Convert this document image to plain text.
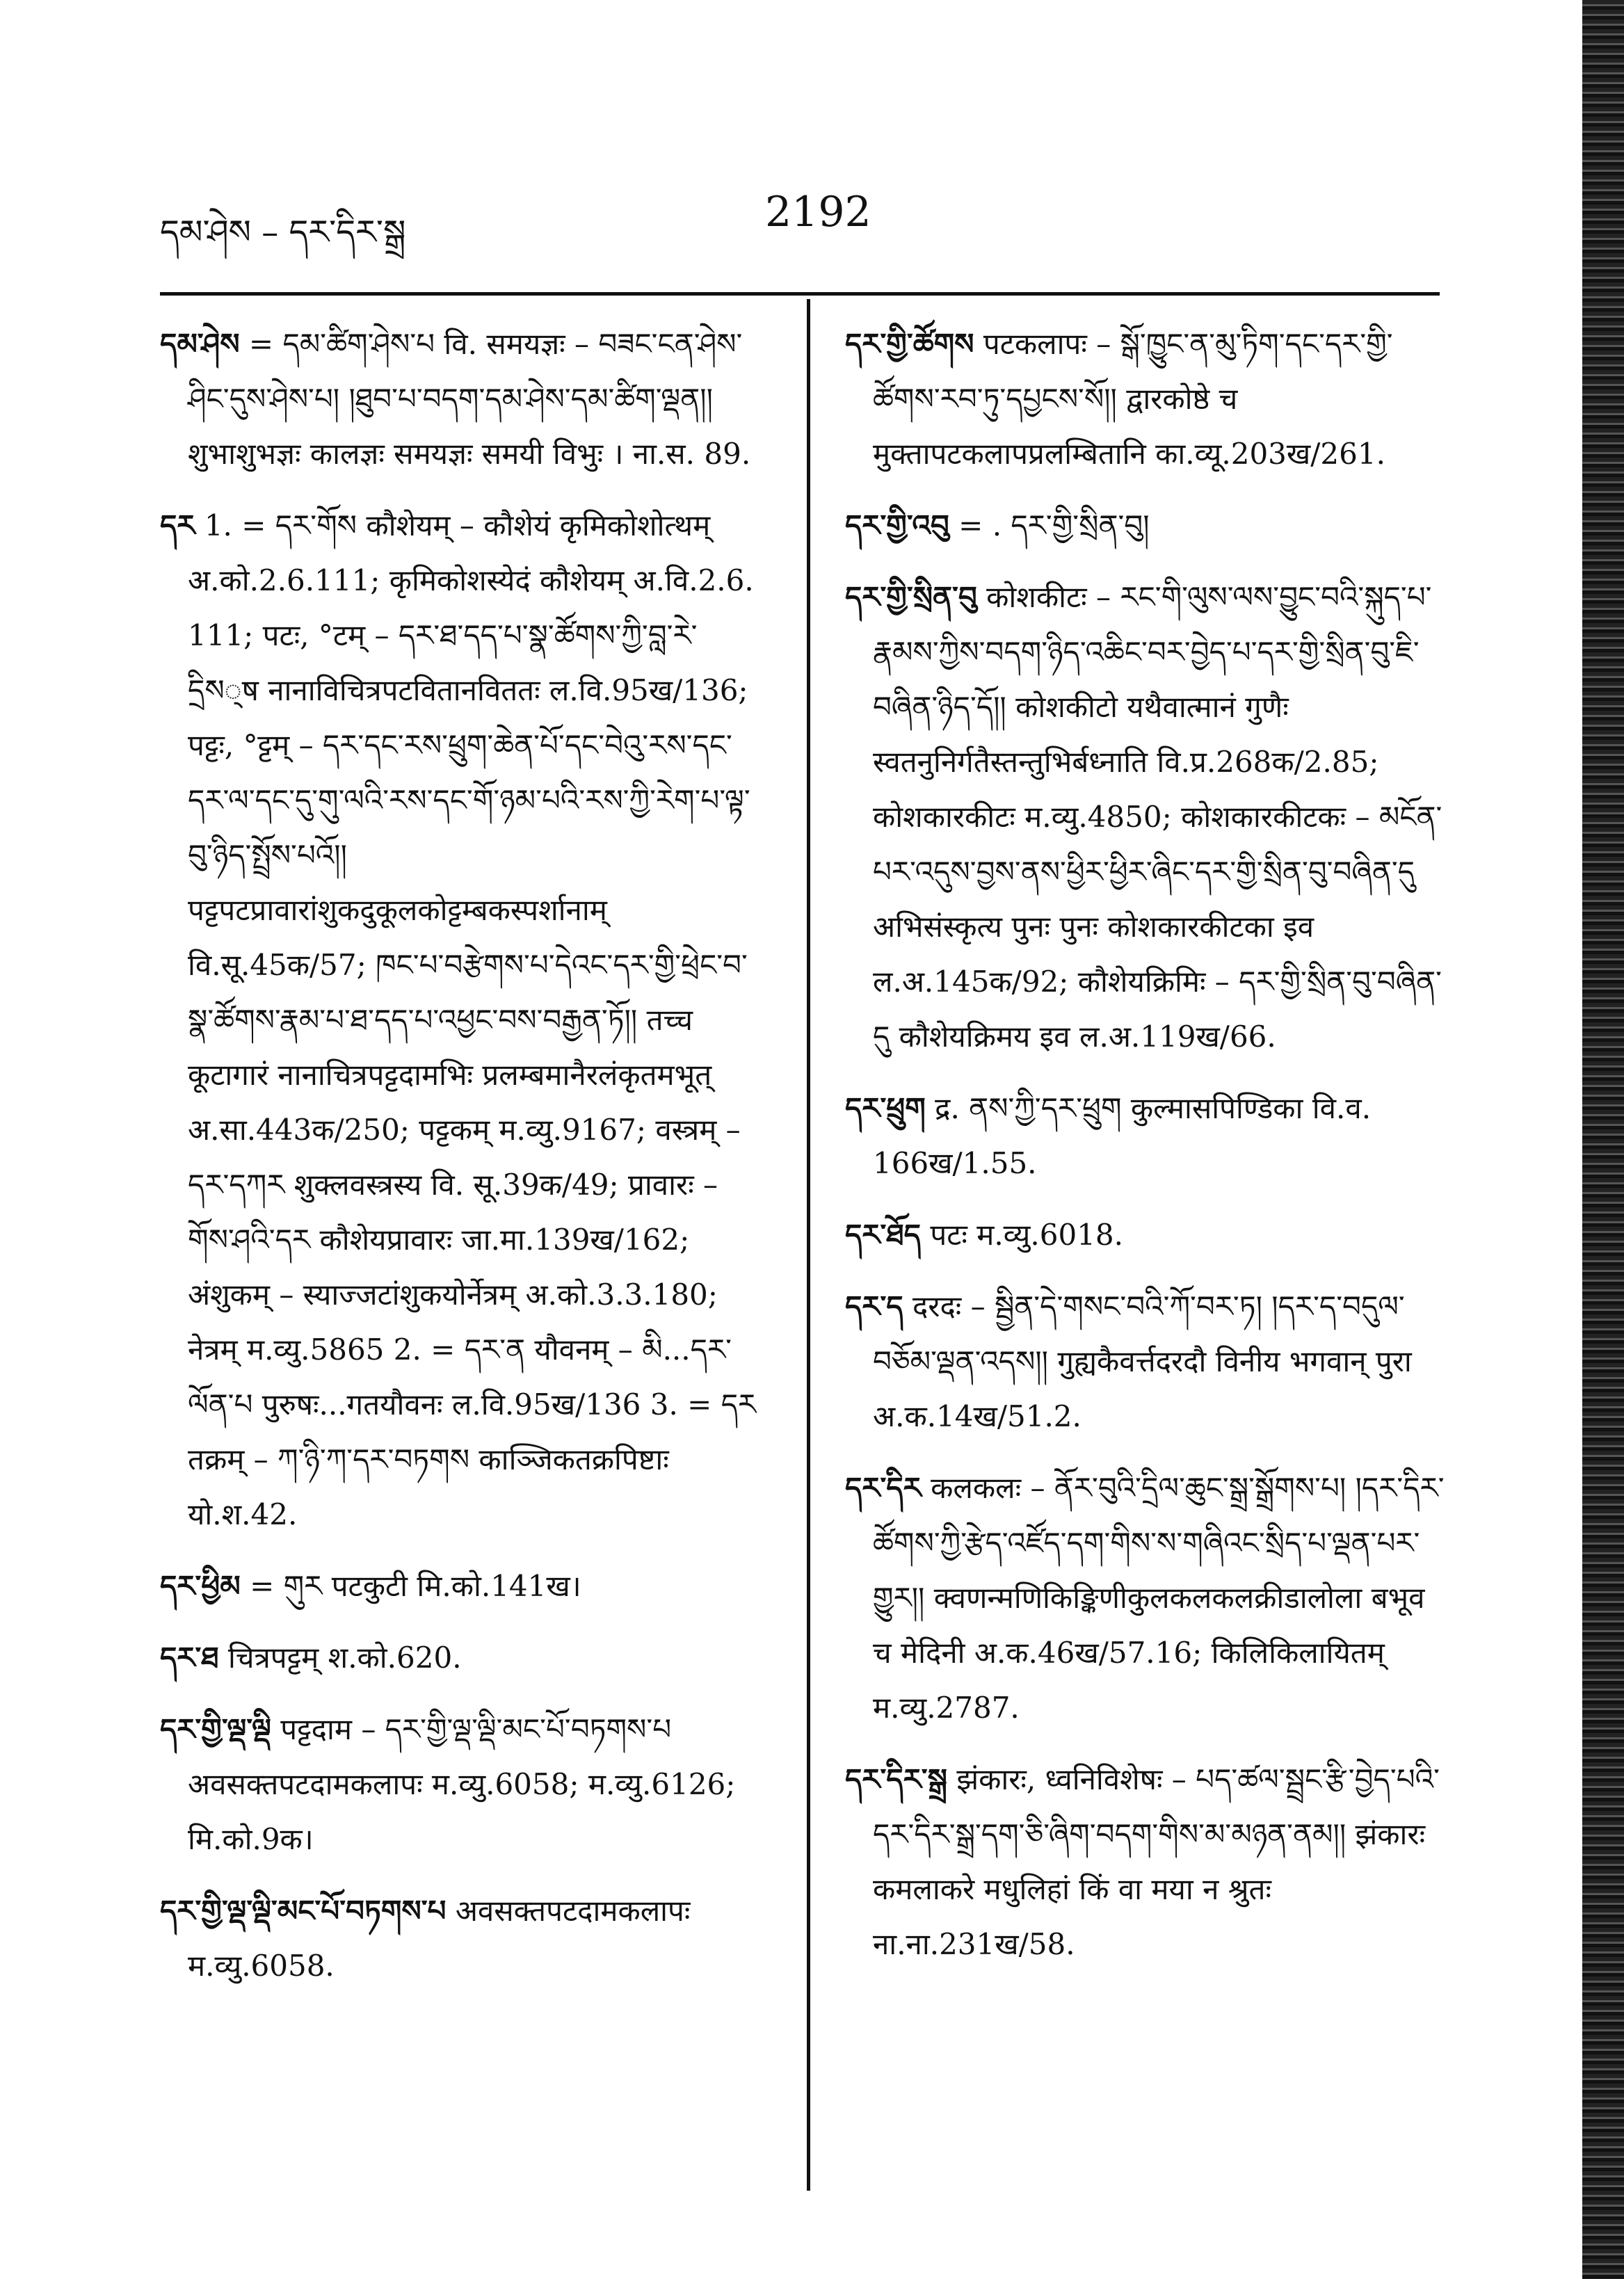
དམ་ཤེས – དར་དིར་སྒྲ	2192

དམ་ཤེས = དམ་ཚིག་ཤེས་པ वि. समयज्ञः – བཟང་ངན་ཤེས་ཤིང་དུས་ཤེས་པ། །ཐུབ་པ་བདག་དམ་ཤེས་དམ་ཚིག་ལྡན།། शुभाशुभज्ञः कालज्ञः समयज्ञः समयी विभुः । ना.स. 89.

དར 1. = དར་གོས कौशेयम् – कौशेयं कृमिकोशोत्थम् अ.को.2.6.111; कृमिकोशस्येदं कौशेयम् अ.वि.2.6. 111; पटः, °टम् – དར་ཐ་དད་པ་སྣ་ཚོགས་ཀྱི་བླ་རེ་དྲིས्ष नानाविचित्रपटवितानविततः ल.वि.95ख/136; पट्टः, °ट्टम् – དར་དང་རས་ཕྲུག་ཆེན་པོ་དང་བེའུ་རས་དང་དར་ལ་དང་དུ་གུ་ལའི་རས་དང་གོ་ཉམ་པའི་རས་ཀྱི་རེག་པ་ལྟ་བུ་ཉིད་སྤྲོས་པའོ།། पट्टपटप्रावारांशुकदुकूलकोट्टम्बकस्पर्शानाम् वि.सू.45क/57; ཁང་པ་བརྩེགས་པ་དེའང་དར་གྱི་ཕྲེང་བ་སྣ་ཚོགས་རྣམ་པ་ཐ་དད་པ་འཕྱང་བས་བརྒྱན་ཏོ།། तच्च कूटागारं नानाचित्रपट्टदामभिः प्रलम्बमानैरलंकृतमभूत् अ.सा.443क/250; पट्टकम् म.व्यु.9167; वस्त्रम् – དར་དཀར शुक्लवस्त्रस्य वि. सू.39क/49; प्रावारः – གོས་ཤའི་དར कौशेयप्रावारः जा.मा.139ख/162; अंशुकम् – स्याज्जटांशुकयोर्नेत्रम् अ.को.3.3.180; नेत्रम् म.व्यु.5865 2. = དར་ན यौवनम् – མི...དར་ལོན་པ पुरुषः...गतयौवनः ल.वि.95ख/136 3. = དར तक्रम् – ཀ་ཉི་ཀ་དར་བཏགས काञ्जिकतक्रपिष्टाः यो.श.42.

དར་ཕྱིམ = གུར पटकुटी मि.को.141ख।

དར་ཐ चित्रपट्टम् श.को.620.

དར་གྱི་ལྡ་ལྡི पट्टदाम – དར་གྱི་ལྡ་ལྡི་མང་པོ་བཏགས་པ अवसक्तपटदामकलापः म.व्यु.6058; म.व्यु.6126; मि.को.9क।

དར་གྱི་ལྡ་ལྡི་མང་པོ་བཏགས་པ अवसक्तपटदामकलापः म.व्यु.6058.

དར་གྱི་ཚོགས पटकलापः – སྒོ་ཁྱུང་ན་མུ་ཏིག་དང་དར་གྱི་ཚོགས་རབ་ཏུ་དཔྱངས་སོ།། द्वारकोष्ठे च मुक्तापटकलापप्रलम्बितानि का.व्यू.203ख/261.

དར་གྱི་འབུ = . དར་གྱི་སྲིན་བུ།

དར་གྱི་སྲིན་བུ कोशकीटः – རང་གི་ལུས་ལས་བྱུང་བའི་སྐུད་པ་རྣམས་ཀྱིས་བདག་ཉིད་འཆིང་བར་བྱེད་པ་དར་གྱི་སྲིན་བུ་ཇི་བཞིན་ཉིད་དོ།། कोशकीटो यथैवात्मानं गुणैः स्वतनुनिर्गतैस्तन्तुभिर्बध्नाति वि.प्र.268क/2.85; कोशकारकीटः म.व्यु.4850; कोशकारकीटकः – མངོན་པར་འདུས་བྱས་ནས་ཕྱིར་ཕྱིར་ཞིང་དར་གྱི་སྲིན་བུ་བཞིན་དུ अभिसंस्कृत्य पुनः पुनः कोशकारकीटका इव ल.अ.145क/92; कौशेयक्रिमिः – དར་གྱི་སྲིན་བུ་བཞིན་དུ कौशेयक्रिमय इव ल.अ.119ख/66.

དར་ཕྲུག द्र. ནས་ཀྱི་དར་ཕྲུག कुल्मासपिण्डिका वि.व. 166ख/1.55.

དར་ཐོད पटः म.व्यु.6018.

དར་ད दरदः – སྦྱིན་དེ་གསང་བའི་ཀོ་བར་ཏ། །དར་ད་བདུལ་བཅོམ་ལྡན་འདས།། गुह्यकैवर्त्तदरदौ विनीय भगवान् पुरा अ.क.14ख/51.2.

དར་དིར कलकलः – ནོར་བུའི་དྲིལ་ཆུང་སྒྲ་སྒྲོགས་པ། །དར་དིར་ཚོགས་ཀྱི་རྩེད་འཛོད་དག་གིས་ས་གཞིའང་སྲིད་པ་ལྡན་པར་གྱུར།། क्वणन्मणिकिङ्किणीकुलकलकलक्रीडालोला बभूव च मेदिनी अ.क.46ख/57.16; किलिकिलायितम् म.व्यु.2787.

དར་དིར་སྒྲ झंकारः, ध्वनिविशेषः – པད་ཚལ་སྦྲང་རྩི་བྱེད་པའི་དར་དིར་སྒྲ་དག་ཅི་ཞིག་བདག་གིས་མ་མཉན་ནམ།། झंकारः कमलाकरे मधुलिहां किं वा मया न श्रुतः ना.ना.231ख/58.
